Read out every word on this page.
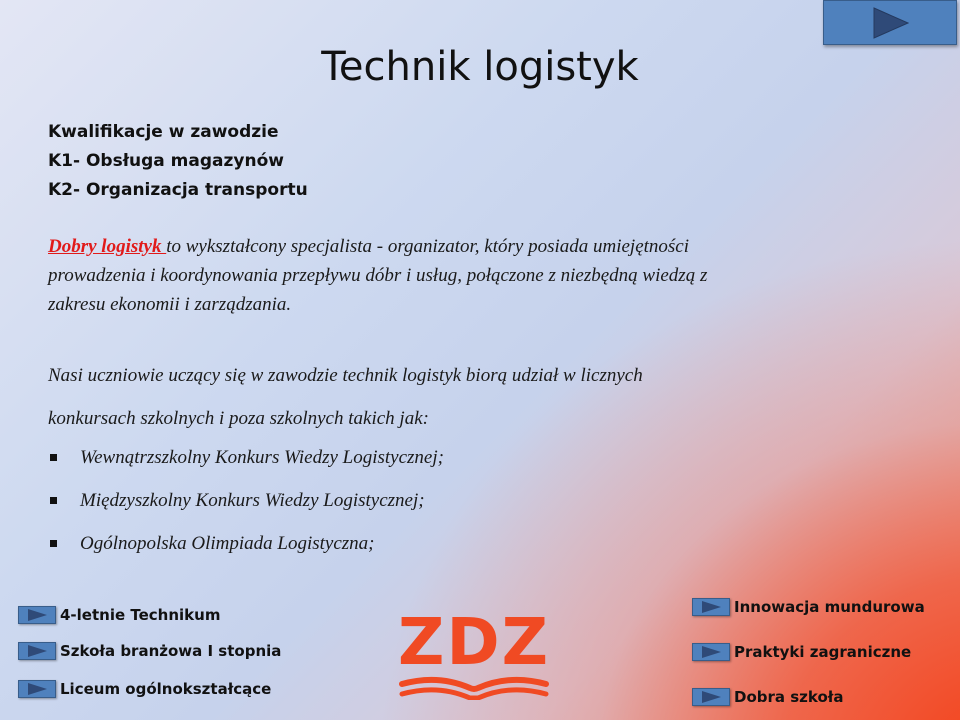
Technik logistyk
Kwalifikacje w zawodzie
K1- Obsługa magazynów
K2- Organizacja transportu
Dobry logistyk to wykształcony specjalista - organizator, który posiada umiejętności
prowadzenia i koordynowania przepływu dóbr i usług, połączone z niezbędną wiedzą z
zakresu ekonomii i zarządzania.
Nasi uczniowie uczący się w zawodzie technik logistyk biorą udział w licznych
konkursach szkolnych i poza szkolnych takich jak:
Wewnątrzszkolny Konkurs Wiedzy Logistycznej;
Międzyszkolny Konkurs Wiedzy Logistycznej;
Ogólnopolska Olimpiada Logistyczna;
4-letnie Technikum
Szkoła branżowa I stopnia
Liceum ogólnokształcące
Innowacja mundurowa
Praktyki zagraniczne
Dobra szkoła
ZDZ
